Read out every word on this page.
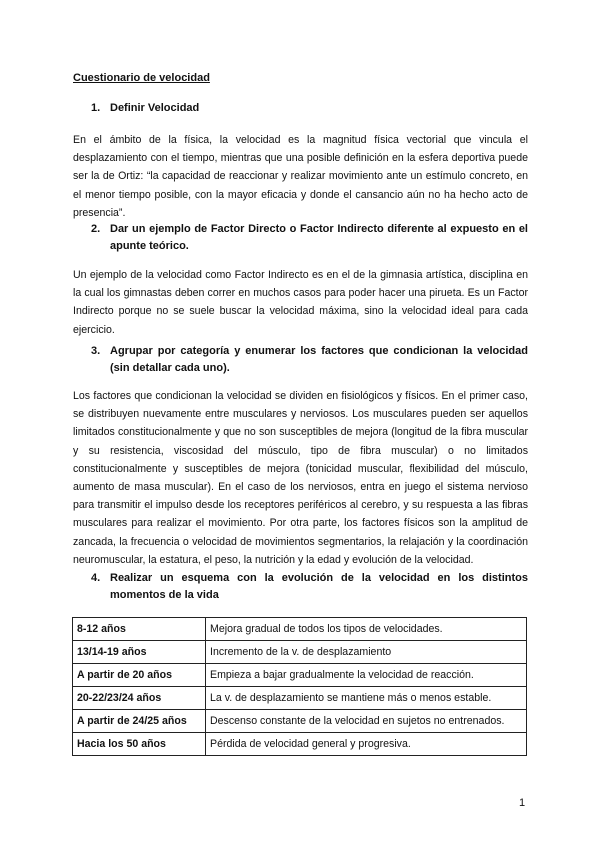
Cuestionario de velocidad
1. Definir Velocidad

En el ámbito de la física, la velocidad es la magnitud física vectorial que vincula el desplazamiento con el tiempo, mientras que una posible definición en la esfera deportiva puede ser la de Ortiz: “la capacidad de reaccionar y realizar movimiento ante un estímulo concreto, en el menor tiempo posible, con la mayor eficacia y donde el cansancio aún no ha hecho acto de presencia”.

2. Dar un ejemplo de Factor Directo o Factor Indirecto diferente al expuesto en el apunte teórico.

Un ejemplo de la velocidad como Factor Indirecto es en el de la gimnasia artística, disciplina en la cual los gimnastas deben correr en muchos casos para poder hacer una pirueta. Es un Factor Indirecto porque no se suele buscar la velocidad máxima, sino la velocidad ideal para cada ejercicio.

3. Agrupar por categoría y enumerar los factores que condicionan la velocidad (sin detallar cada uno).

Los factores que condicionan la velocidad se dividen en fisiológicos y físicos. En el primer caso, se distribuyen nuevamente entre musculares y nerviosos. Los musculares pueden ser aquellos limitados constitucionalmente y que no son susceptibles de mejora (longitud de la fibra muscular y su resistencia, viscosidad del músculo, tipo de fibra muscular) o no limitados constitucionalmente y susceptibles de mejora (tonicidad muscular, flexibilidad del músculo, aumento de masa muscular). En el caso de los nerviosos, entra en juego el sistema nervioso para transmitir el impulso desde los receptores periféricos al cerebro, y su respuesta a las fibras musculares para realizar el movimiento. Por otra parte, los factores físicos son la amplitud de zancada, la frecuencia o velocidad de movimientos segmentarios, la relajación y la coordinación neuromuscular, la estatura, el peso, la nutrición y la edad y evolución de la velocidad.

4. Realizar un esquema con la evolución de la velocidad en los distintos momentos de la vida
8-12 años	Mejora gradual de todos los tipos de velocidades.
13/14-19 años	Incremento de la v. de desplazamiento
A partir de 20 años	Empieza a bajar gradualmente la velocidad de reacción.
20-22/23/24 años	La v. de desplazamiento se mantiene más o menos estable.
A partir de 24/25 años	Descenso constante de la velocidad en sujetos no entrenados.
Hacia los 50 años	Pérdida de velocidad general y progresiva.
1
